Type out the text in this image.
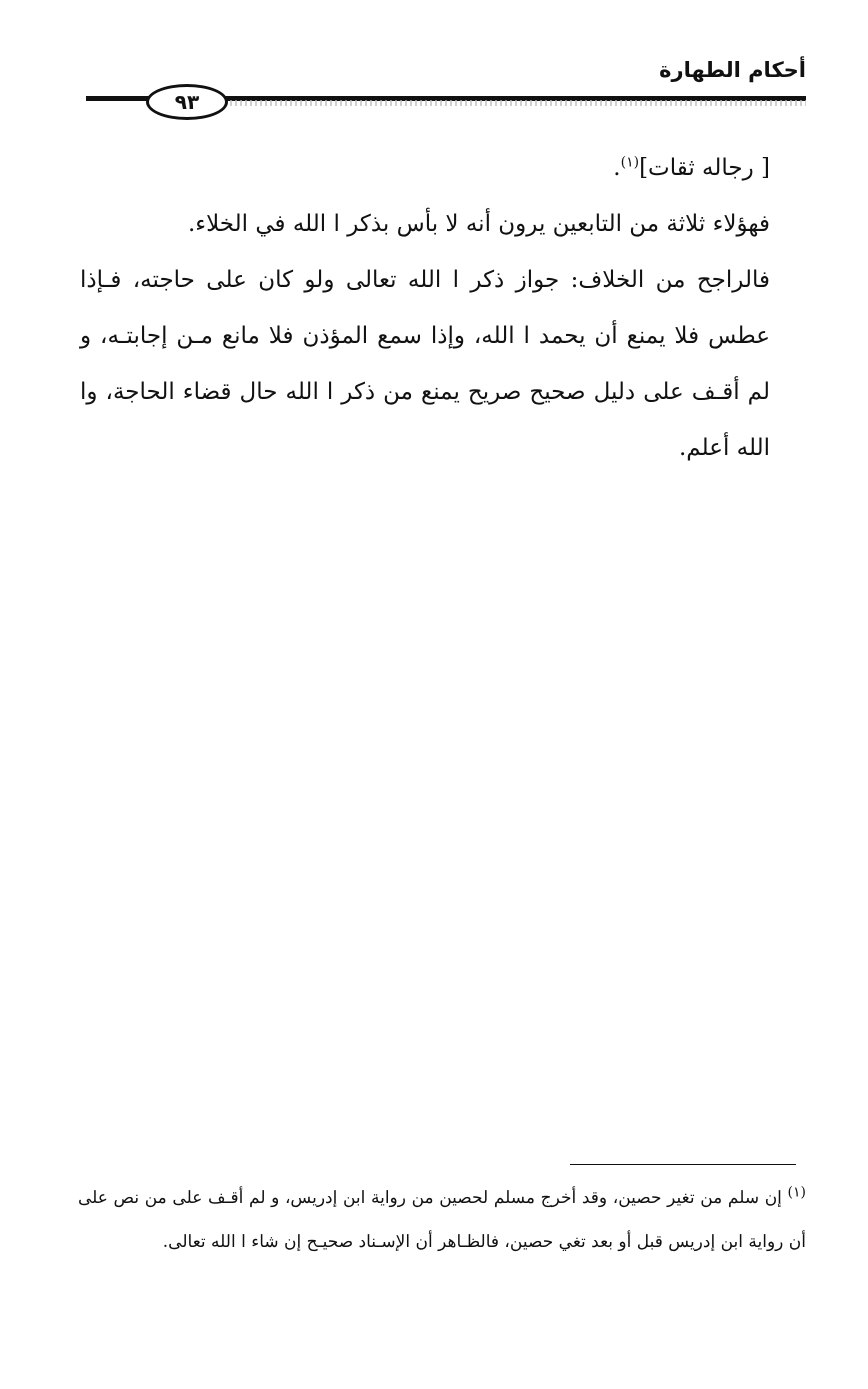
أحكام الطهارة
٩٣

[ رجاله ثقات]$^{(١)}$.

فهؤلاء ثلاثة من التابعين يرون أنه لا بأس بذكر ا الله في الخلاء.

فالراجح من الخلاف: جواز ذكر ا الله تعالى ولو كان على حاجته، فـإذا عطس فلا يمنع أن يحمد ا الله، وإذا سمع المؤذن فلا مانع مـن إجابتـه، و لم أقـف على دليل صحيح صريح يمنع من ذكر ا الله حال قضاء الحاجة، وا الله أعلم.

$^{(١)}$ إن سلم من تغير حصين، وقد أخرج مسلم لحصين من رواية ابن إدريس، و لم أقـف على من نص على أن رواية ابن إدريس قبل أو بعد تغي حصين، فالظـاهر أن الإسـناد صحيـح إن شاء ا الله تعالى.
